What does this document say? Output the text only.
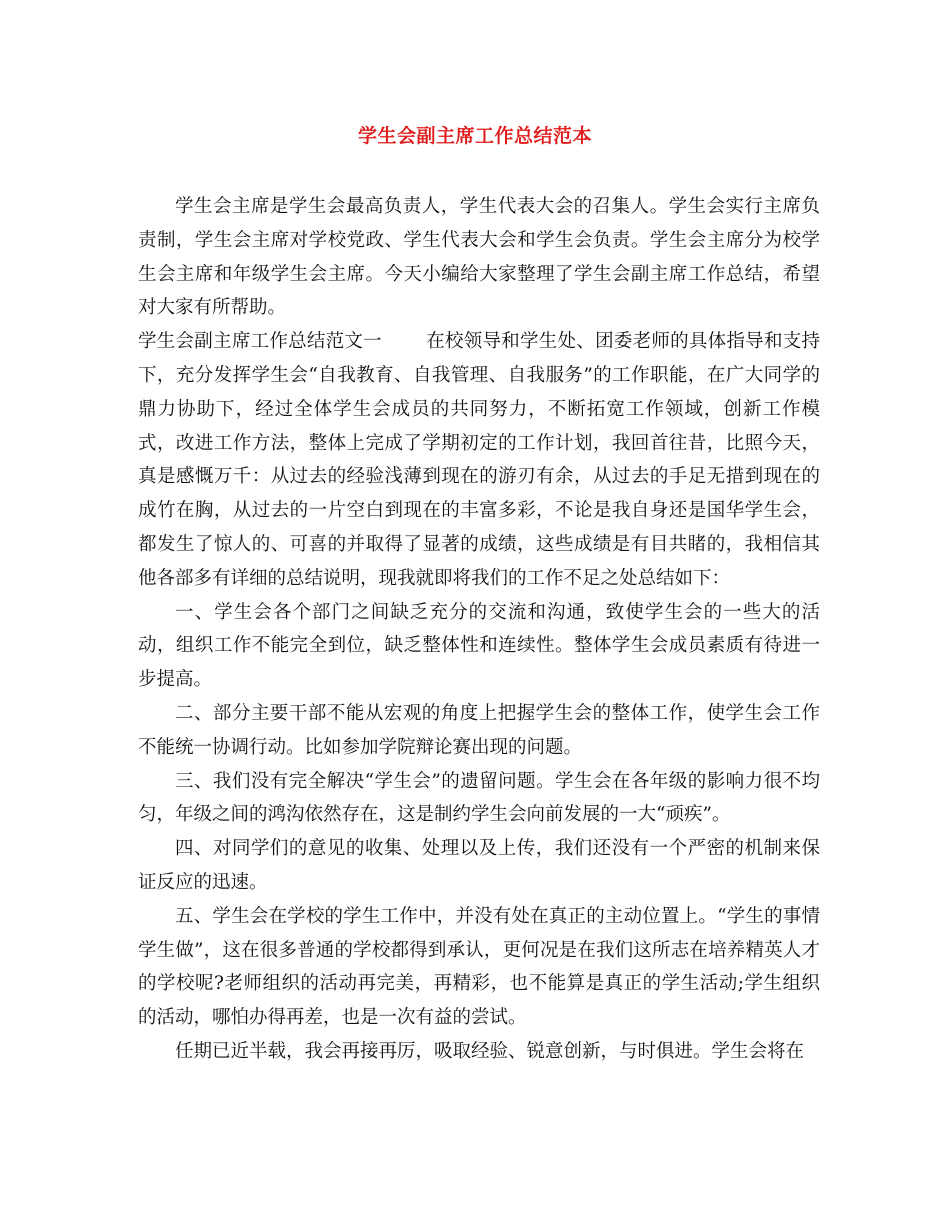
学生会副主席工作总结范本

学生会主席是学生会最高负责人，学生代表大会的召集人。学生会实行主席负责制，学生会主席对学校党政、学生代表大会和学生会负责。学生会主席分为校学生会主席和年级学生会主席。今天小编给大家整理了学生会副主席工作总结，希望对大家有所帮助。

学生会副主席工作总结范文一 在校领导和学生处、团委老师的具体指导和支持下，充分发挥学生会“自我教育、自我管理、自我服务”的工作职能，在广大同学的鼎力协助下，经过全体学生会成员的共同努力，不断拓宽工作领域，创新工作模式，改进工作方法，整体上完成了学期初定的工作计划，我回首往昔，比照今天，真是感慨万千：从过去的经验浅薄到现在的游刃有余，从过去的手足无措到现在的成竹在胸，从过去的一片空白到现在的丰富多彩，不论是我自身还是国华学生会，都发生了惊人的、可喜的并取得了显著的成绩，这些成绩是有目共睹的，我相信其他各部多有详细的总结说明，现我就即将我们的工作不足之处总结如下：

一、学生会各个部门之间缺乏充分的交流和沟通，致使学生会的一些大的活动，组织工作不能完全到位，缺乏整体性和连续性。整体学生会成员素质有待进一步提高。

二、部分主要干部不能从宏观的角度上把握学生会的整体工作，使学生会工作不能统一协调行动。比如参加学院辩论赛出现的问题。

三、我们没有完全解决“学生会”的遗留问题。学生会在各年级的影响力很不均匀，年级之间的鸿沟依然存在，这是制约学生会向前发展的一大“顽疾”。

四、对同学们的意见的收集、处理以及上传，我们还没有一个严密的机制来保证反应的迅速。

五、学生会在学校的学生工作中，并没有处在真正的主动位置上。“学生的事情学生做”，这在很多普通的学校都得到承认，更何况是在我们这所志在培养精英人才的学校呢?老师组织的活动再完美，再精彩，也不能算是真正的学生活动;学生组织的活动，哪怕办得再差，也是一次有益的尝试。

任期已近半载，我会再接再厉，吸取经验、锐意创新，与时俱进。学生会将在
